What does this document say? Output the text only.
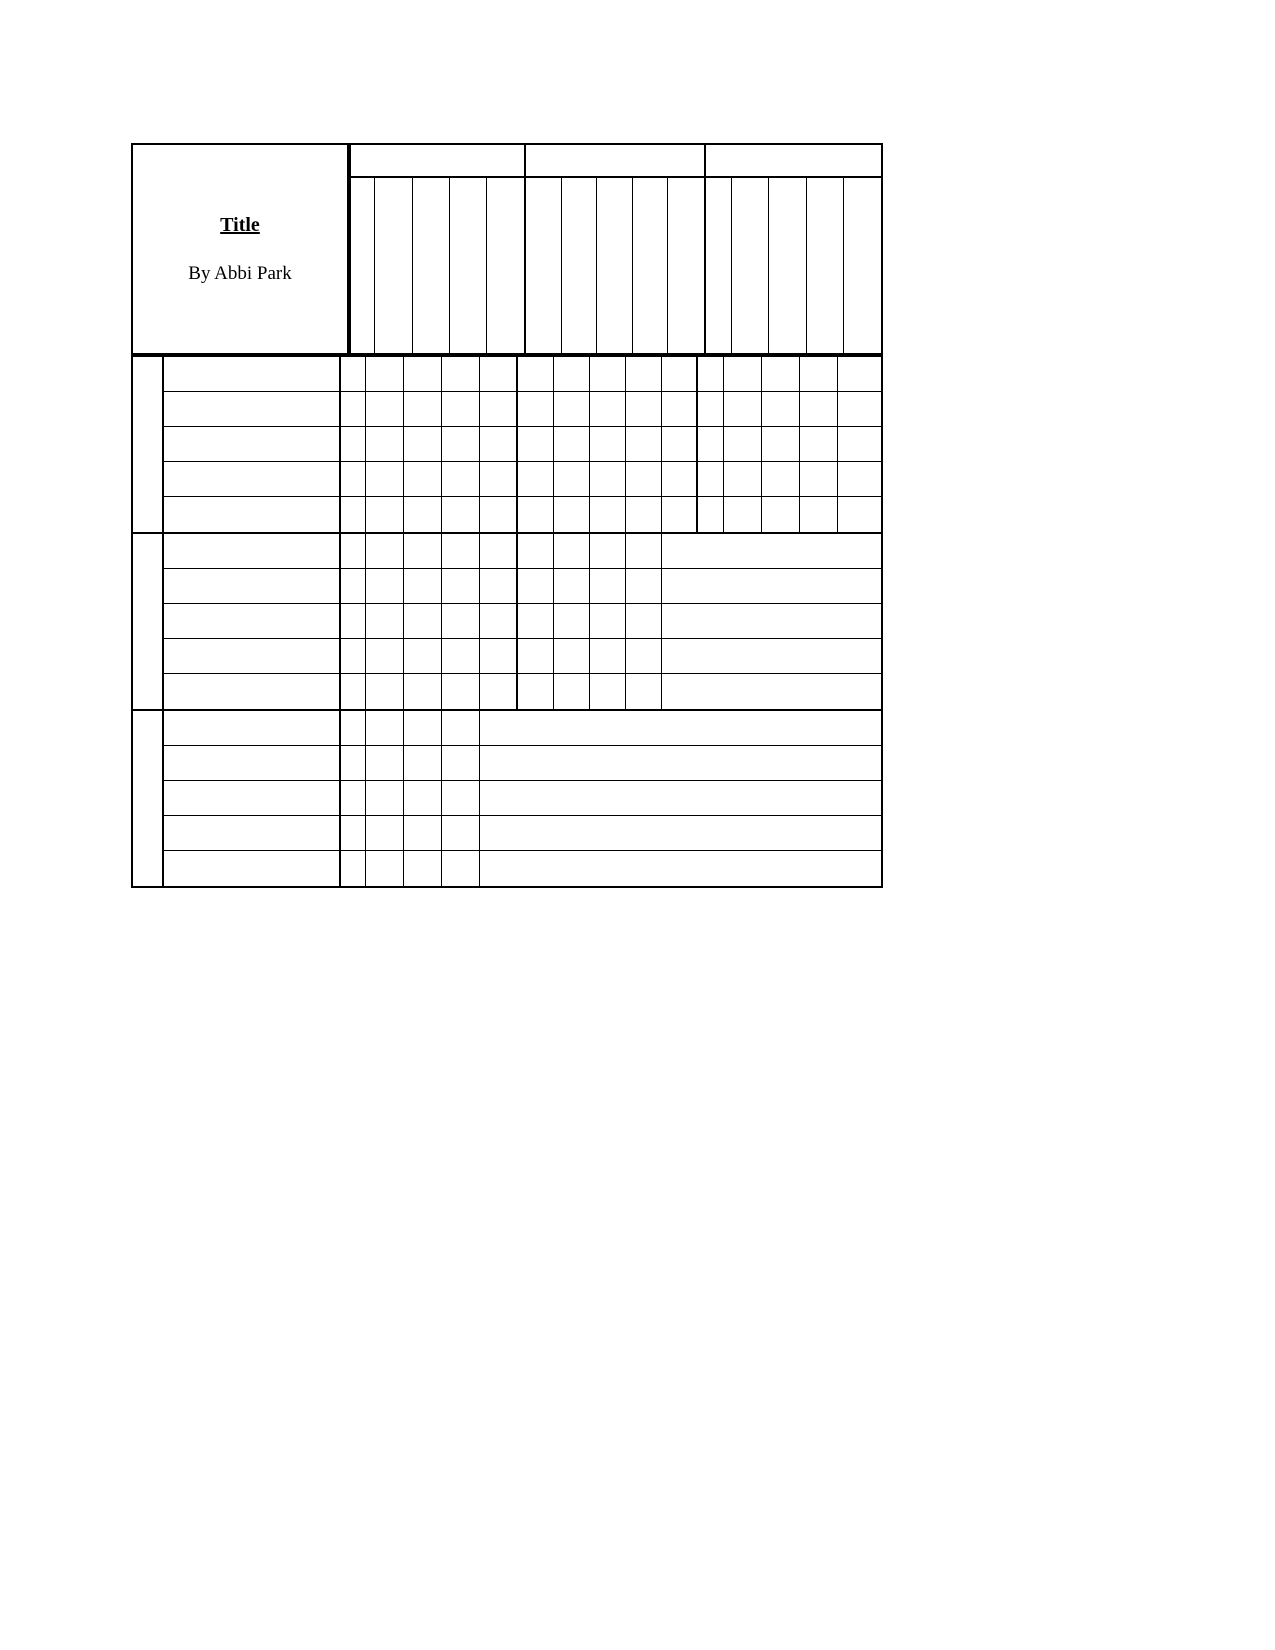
Title
By Abbi Park
